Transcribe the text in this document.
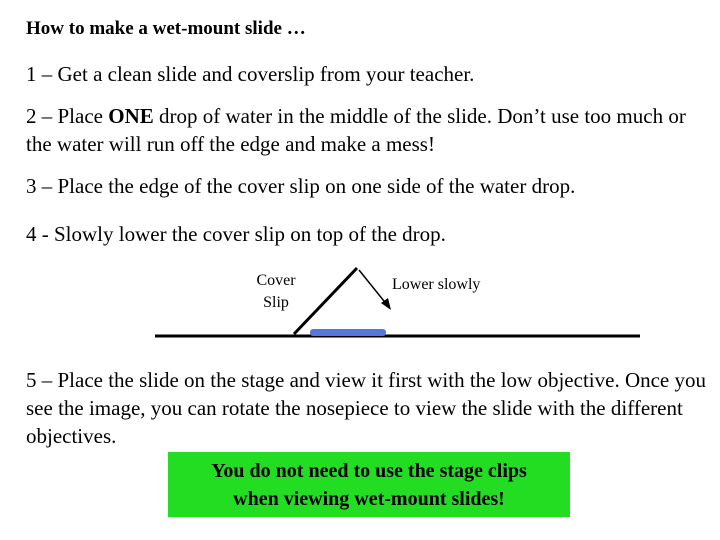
How to make a wet-mount slide …
1 – Get a clean slide and coverslip from your teacher.
2 – Place ONE drop of water in the middle of the slide. Don’t use too much or the water will run off the edge and make a mess!
3 – Place the edge of the cover slip on one side of the water drop.
4 - Slowly lower the cover slip on top of the drop.
Cover
Slip
Lower slowly
5 – Place the slide on the stage and view it first with the low objective. Once you see the image, you can rotate the nosepiece to view the slide with the different objectives.
You do not need to use the stage clips
when viewing wet-mount slides!
